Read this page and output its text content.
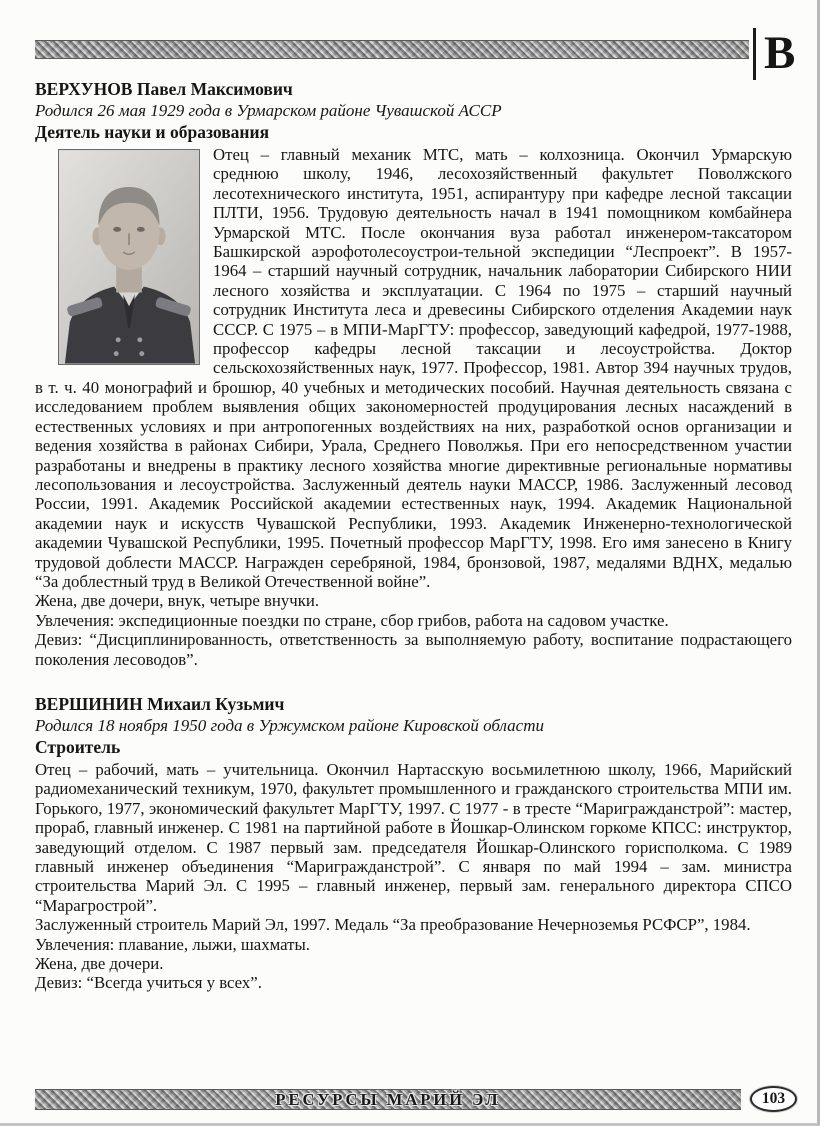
В
ВЕРХУНОВ Павел Максимович

Родился 26 мая 1929 года в Урмарском районе Чувашской АССР

Деятель науки и образования

Отец – главный механик МТС, мать – колхозница. Окончил Урмарскую среднюю школу, 1946, лесохозяйственный факультет Поволжского лесотехнического института, 1951, аспирантуру при кафедре лесной таксации ПЛТИ, 1956. Трудовую деятельность начал в 1941 помощником комбайнера Урмарской МТС. После окончания вуза работал инженером-таксатором Башкирской аэрофотолесоустрои-тельной экспедиции “Леспроект”. В 1957-1964 – старший научный сотрудник, начальник лаборатории Сибирского НИИ лесного хозяйства и эксплуатации. С 1964 по 1975 – старший научный сотрудник Института леса и древесины Сибирского отделения Академии наук СССР. С 1975 – в МПИ-МарГТУ: профессор, заведующий кафедрой, 1977-1988, профессор кафедры лесной таксации и лесоустройства. Доктор сельскохозяйственных наук, 1977. Профессор, 1981. Автор 394 научных трудов, в т. ч. 40 монографий и брошюр, 40 учебных и методических пособий. Научная деятельность связана с исследованием проблем выявления общих закономерностей продуцирования лесных насаждений в естественных условиях и при антропогенных воздействиях на них, разработкой основ организации и ведения хозяйства в районах Сибири, Урала, Среднего Поволжья. При его непосредственном участии разработаны и внедрены в практику лесного хозяйства многие директивные региональные нормативы лесопользования и лесоустройства. Заслуженный деятель науки МАССР, 1986. Заслуженный лесовод России, 1991. Академик Российской академии естественных наук, 1994. Академик Национальной академии наук и искусств Чувашской Республики, 1993. Академик Инженерно-технологической академии Чувашской Республики, 1995. Почетный профессор МарГТУ, 1998. Его имя занесено в Книгу трудовой доблести МАССР. Награжден серебряной, 1984, бронзовой, 1987, медалями ВДНХ, медалью “За доблестный труд в Великой Отечественной войне”.

Жена, две дочери, внук, четыре внучки.

Увлечения: экспедиционные поездки по стране, сбор грибов, работа на садовом участке.

Девиз: “Дисциплинированность, ответственность за выполняемую работу, воспитание подрастающего поколения лесоводов”.

ВЕРШИНИН Михаил Кузьмич

Родился 18 ноября 1950 года в Уржумском районе Кировской области

Строитель

Отец – рабочий, мать – учительница. Окончил Нартасскую восьмилетнюю школу, 1966, Марийский радиомеханический техникум, 1970, факультет промышленного и гражданского строительства МПИ им. Горького, 1977, экономический факультет МарГТУ, 1997. С 1977 - в тресте “Маригражданстрой”: мастер, прораб, главный инженер. С 1981 на партийной работе в Йошкар-Олинском горкоме КПСС: инструктор, заведующий отделом. С 1987 первый зам. председателя Йошкар-Олинского горисполкома. С 1989 главный инженер объединения “Маригражданстрой”. С января по май 1994 – зам. министра строительства Марий Эл. С 1995 – главный инженер, первый зам. генерального директора СПСО “Марагрострой”.

Заслуженный строитель Марий Эл, 1997. Медаль “За преобразование Нечерноземья РСФСР”, 1984.

Увлечения: плавание, лыжи, шахматы.

Жена, две дочери.

Девиз: “Всегда учиться у всех”.

РЕСУРСЫ МАРИЙ ЭЛ	103
